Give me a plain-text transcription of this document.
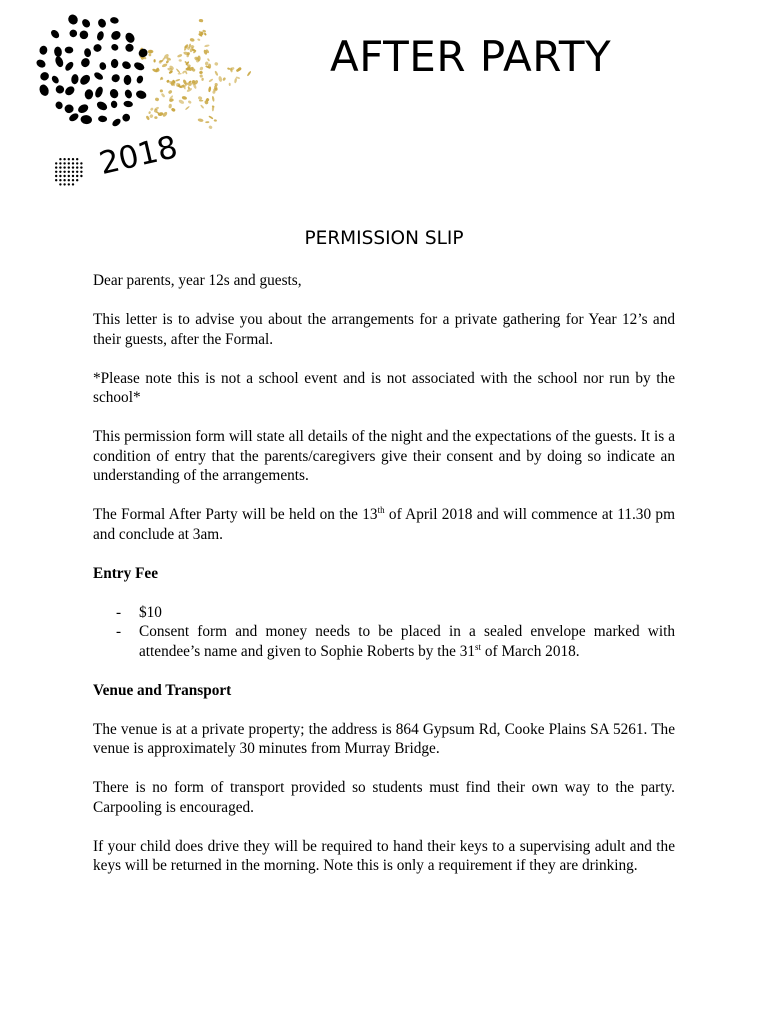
AFTER PARTY
2018
PERMISSION SLIP

Dear parents, year 12s and guests,

This letter is to advise you about the arrangements for a private gathering for Year 12’s and their guests, after the Formal.

*Please note this is not a school event and is not associated with the school nor run by the school*

This permission form will state all details of the night and the expectations of the guests. It is a condition of entry that the parents/caregivers give their consent and by doing so indicate an understanding of the arrangements.

The Formal After Party will be held on the 13th of April 2018 and will commence at 11.30 pm and conclude at 3am.

Entry Fee
- $10
- Consent form and money needs to be placed in a sealed envelope marked with attendee’s name and given to Sophie Roberts by the 31st of March 2018.
Venue and Transport

The venue is at a private property; the address is 864 Gypsum Rd, Cooke Plains SA 5261. The venue is approximately 30 minutes from Murray Bridge.

There is no form of transport provided so students must find their own way to the party. Carpooling is encouraged.

If your child does drive they will be required to hand their keys to a supervising adult and the keys will be returned in the morning. Note this is only a requirement if they are drinking.
